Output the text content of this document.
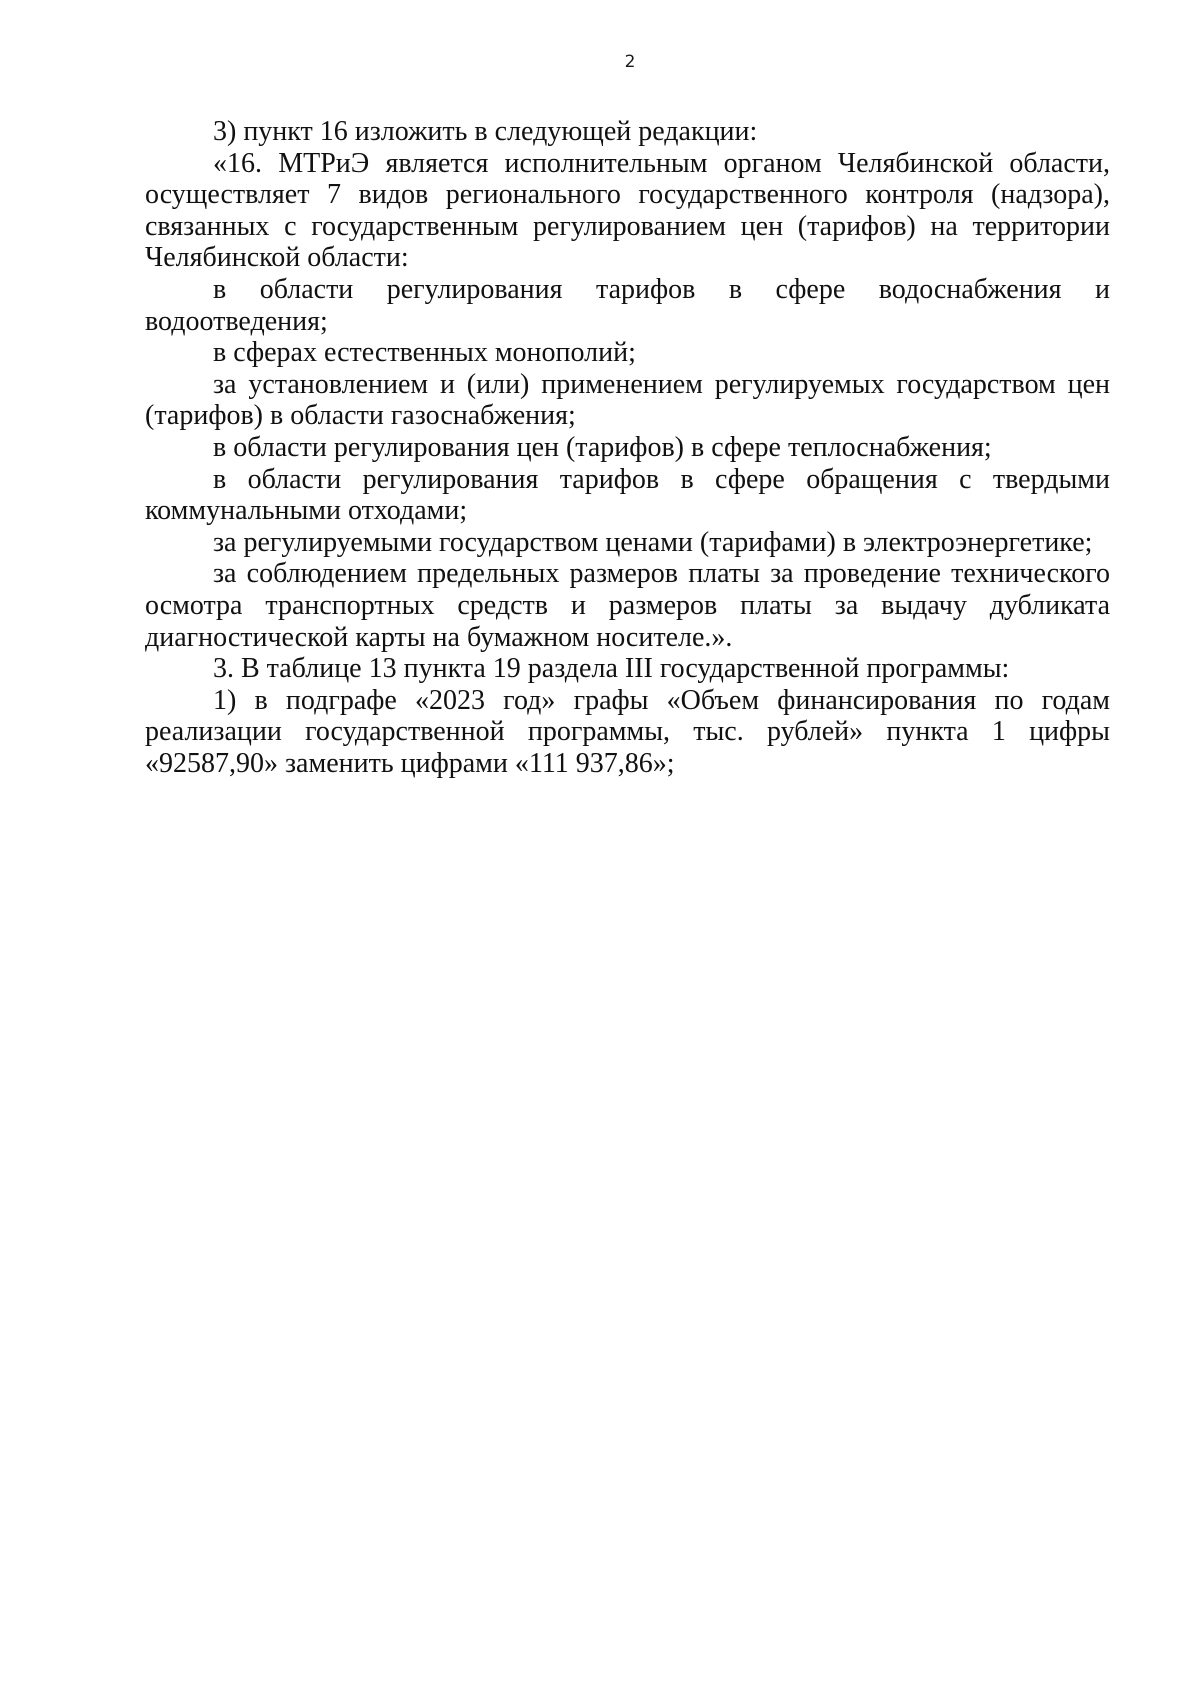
2

3) пункт 16 изложить в следующей редакции:

«16. МТРиЭ является исполнительным органом Челябинской области, осуществляет 7 видов регионального государственного контроля (надзора), связанных с государственным регулированием цен (тарифов) на территории Челябинской области:

в области регулирования тарифов в сфере водоснабжения и водоотведения;

в сферах естественных монополий;

за установлением и (или) применением регулируемых государством цен (тарифов) в области газоснабжения;

в области регулирования цен (тарифов) в сфере теплоснабжения;

в области регулирования тарифов в сфере обращения с твердыми коммунальными отходами;

за регулируемыми государством ценами (тарифами) в электроэнергетике;

за соблюдением предельных размеров платы за проведение технического осмотра транспортных средств и размеров платы за выдачу дубликата диагностической карты на бумажном носителе.».

3. В таблице 13 пункта 19 раздела III государственной программы:

1) в подграфе «2023 год» графы «Объем финансирования по годам реализации государственной программы, тыс. рублей» пункта 1 цифры «92587,90» заменить цифрами «111 937,86»;
